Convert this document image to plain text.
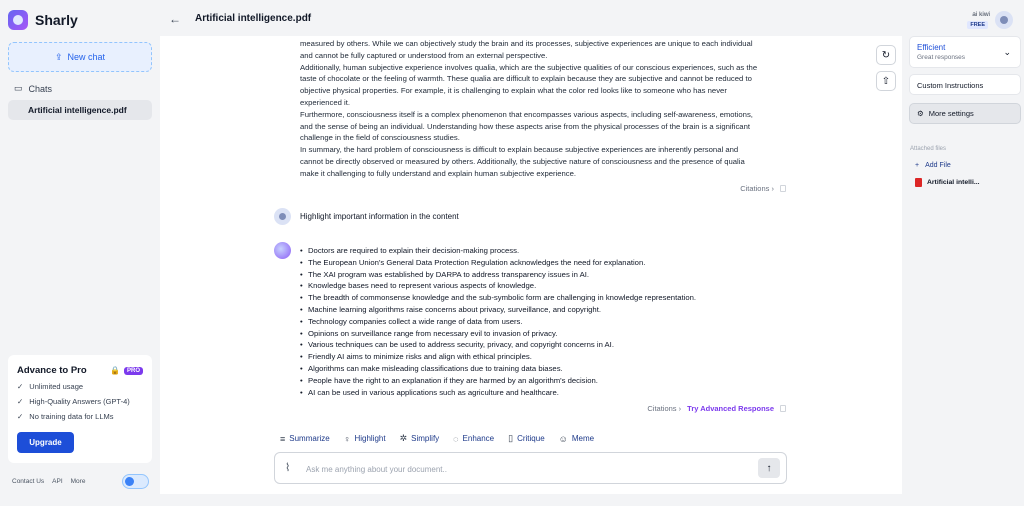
Sharly
⇪ New chat
▭ Chats
Artificial intelligence.pdf
Advance to Pro	🔒	PRO
✓ Unlimited usage
✓ High-Quality Answers (GPT-4)
✓ No training data for LLMs
Upgrade
Contact Us API More
← Artificial intelligence.pdf
measured by others. While we can objectively study the brain and its processes, subjective experiences are unique to each individual
and cannot be fully captured or understood from an external perspective.
Additionally, human subjective experience involves qualia, which are the subjective qualities of our conscious experiences, such as the
taste of chocolate or the feeling of warmth. These qualia are difficult to explain because they are subjective and cannot be reduced to
objective physical properties. For example, it is challenging to explain what the color red looks like to someone who has never
experienced it.
Furthermore, consciousness itself is a complex phenomenon that encompasses various aspects, including self-awareness, emotions,
and the sense of being an individual. Understanding how these aspects arise from the physical processes of the brain is a significant
challenge in the field of consciousness studies.
In summary, the hard problem of consciousness is difficult to explain because subjective experiences are inherently personal and
cannot be directly observed or measured by others. Additionally, the subjective nature of consciousness and the presence of qualia
make it challenging to fully understand and explain human subjective experience.
Citations ›
↻
⇧
Highlight important information in the content
• Doctors are required to explain their decision-making process.
• The European Union's General Data Protection Regulation acknowledges the need for explanation.
• The XAI program was established by DARPA to address transparency issues in AI.
• Knowledge bases need to represent various aspects of knowledge.
• The breadth of commonsense knowledge and the sub-symbolic form are challenging in knowledge representation.
• Machine learning algorithms raise concerns about privacy, surveillance, and copyright.
• Technology companies collect a wide range of data from users.
• Opinions on surveillance range from necessary evil to invasion of privacy.
• Various techniques can be used to address security, privacy, and copyright concerns in AI.
• Friendly AI aims to minimize risks and align with ethical principles.
• Algorithms can make misleading classifications due to training data biases.
• People have the right to an explanation if they are harmed by an algorithm's decision.
• AI can be used in various applications such as agriculture and healthcare.
Citations › Try Advanced Response
≡ Summarize ♀ Highlight ✲ Simplify ◌ Enhance ▯ Critique ☺ Meme
⌇
Ask me anything about your document..	↑
ai kiwi
FREE
Efficient
Great responses
⌄
Custom Instructions
⚙ More settings
Attached files
+ Add File
Artificial intelli...
